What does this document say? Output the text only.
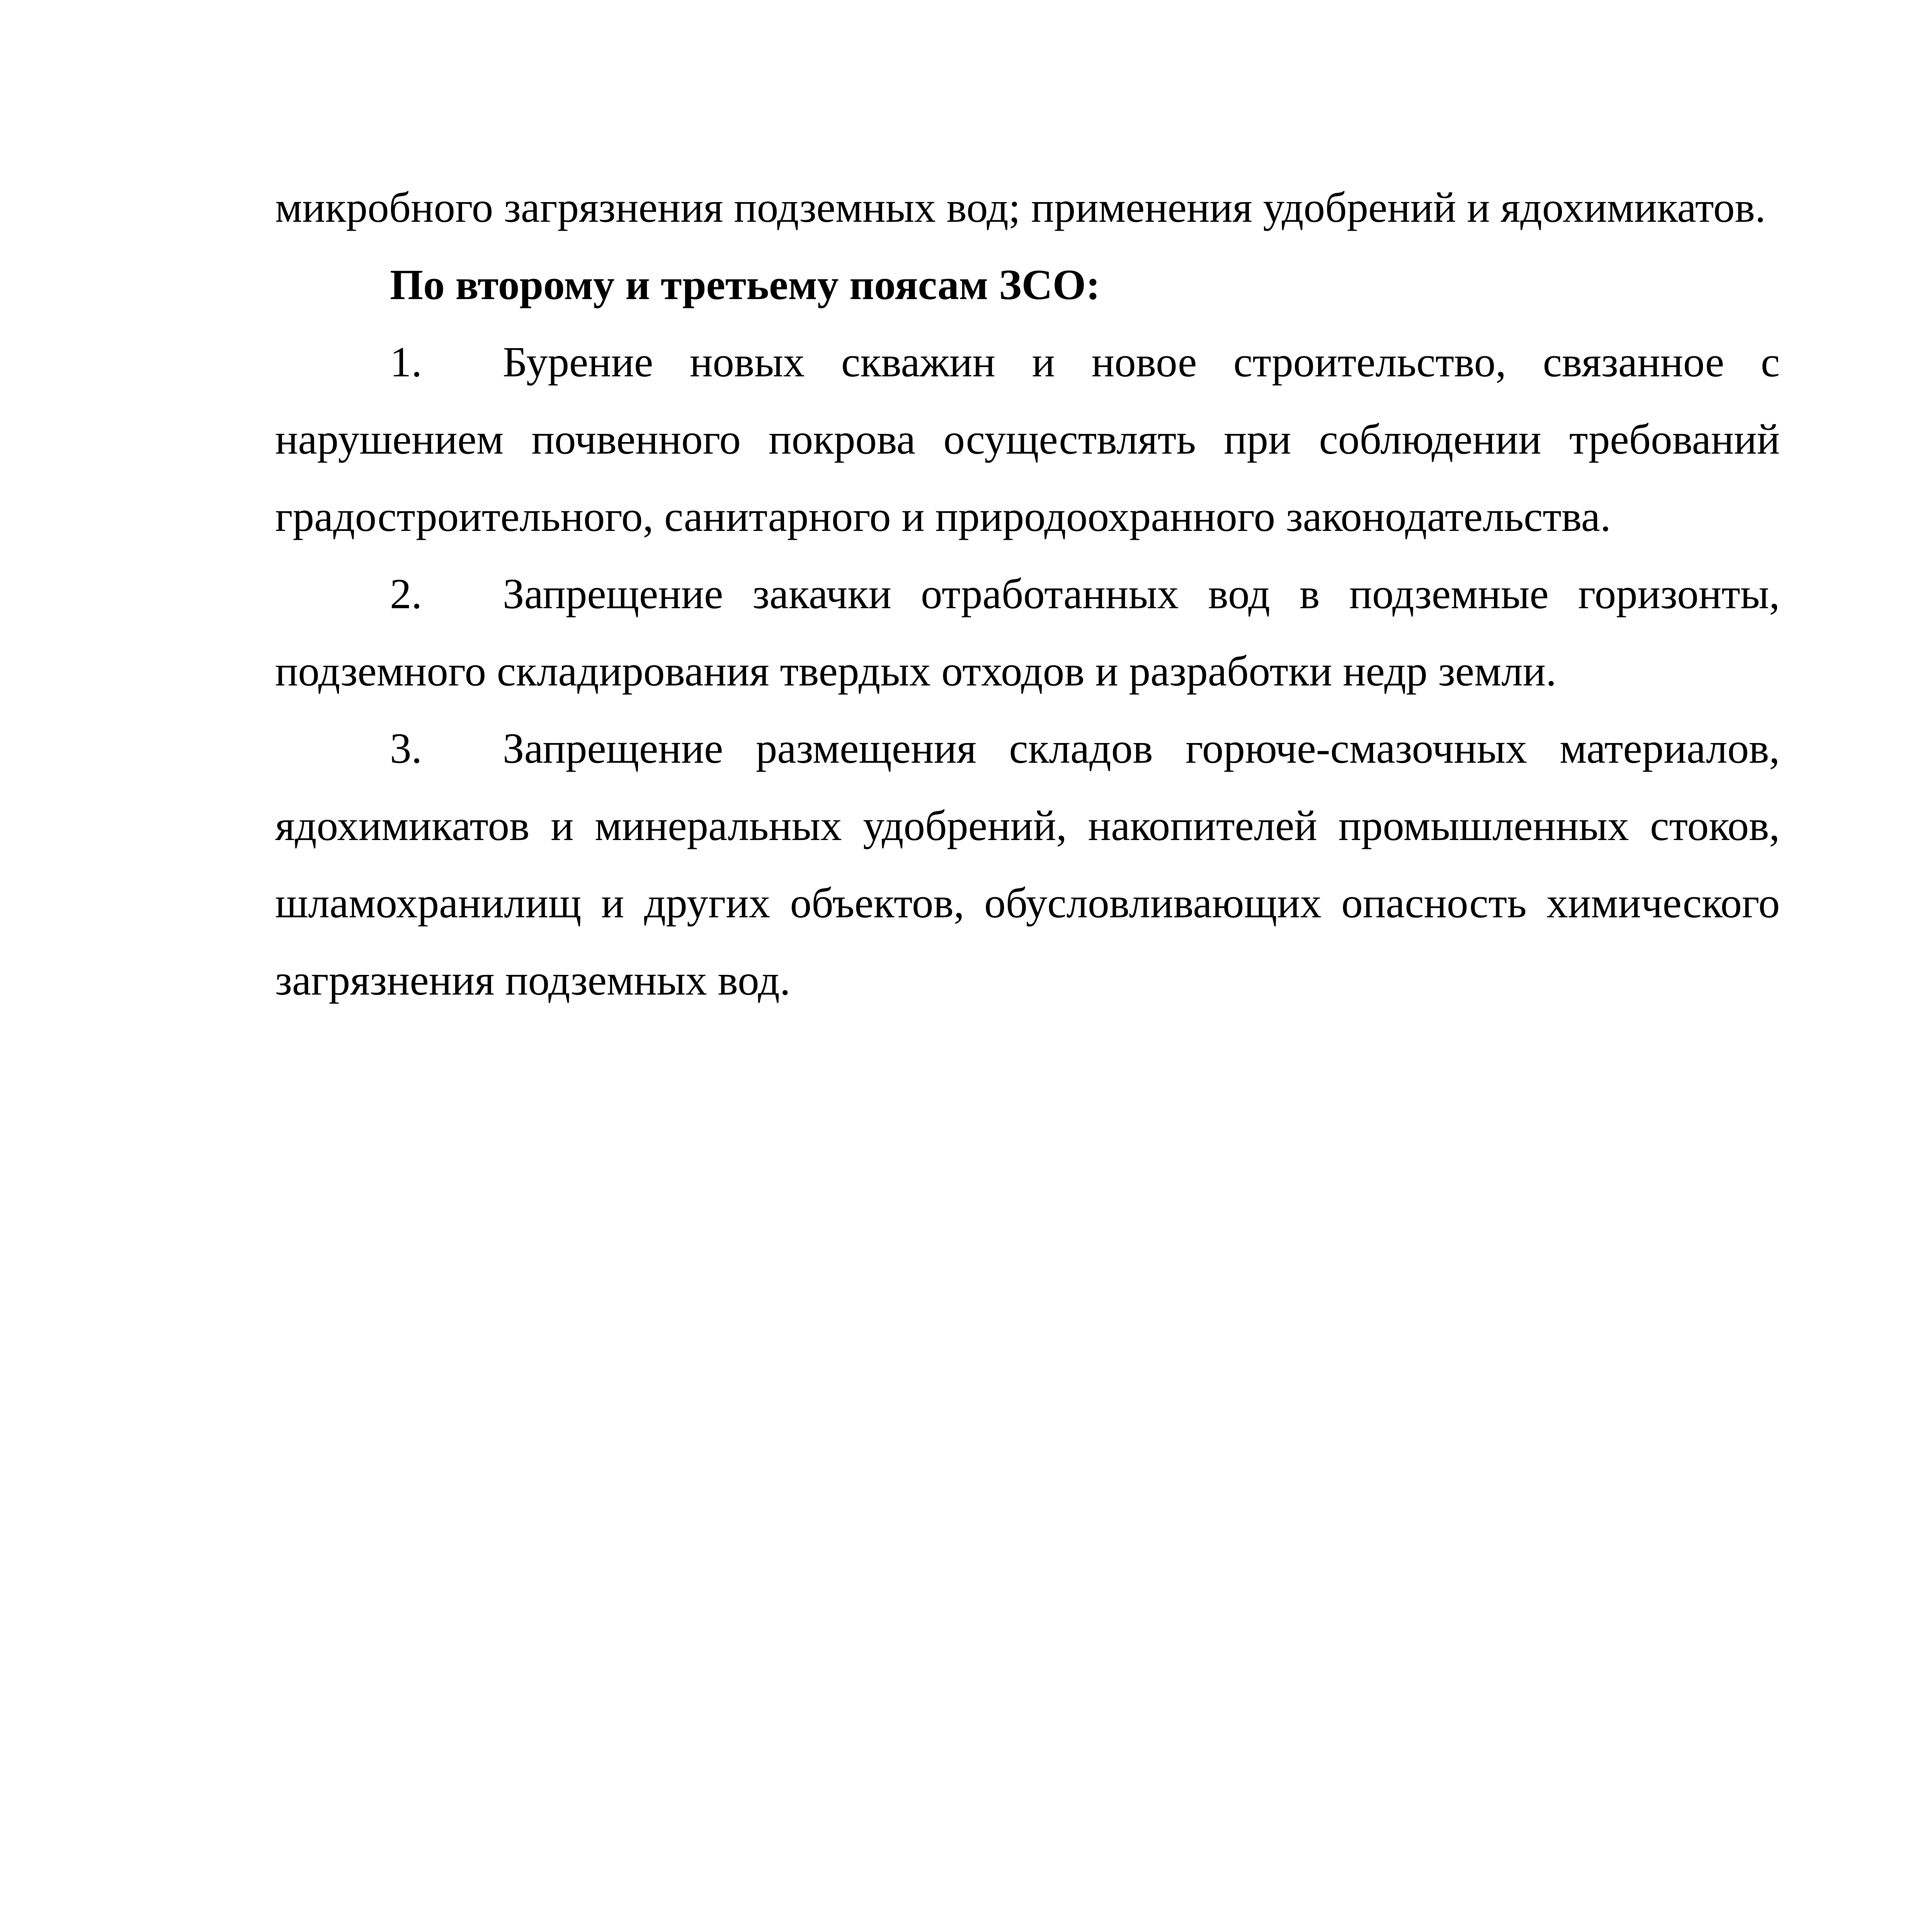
микробного загрязнения подземных вод; применения удобрений и ядохимикатов.

По второму и третьему поясам ЗСО:

1. Бурение новых скважин и новое строительство, связанное с нарушением почвенного покрова осуществлять при соблюдении требований градостроительного, санитарного и природоохранного законодательства.

2. Запрещение закачки отработанных вод в подземные горизонты, подземного складирования твердых отходов и разработки недр земли.

3. Запрещение размещения складов горюче-смазочных материалов, ядохимикатов и минеральных удобрений, накопителей промышленных стоков, шламохранилищ и других объектов, обусловливающих опасность химического загрязнения подземных вод.
